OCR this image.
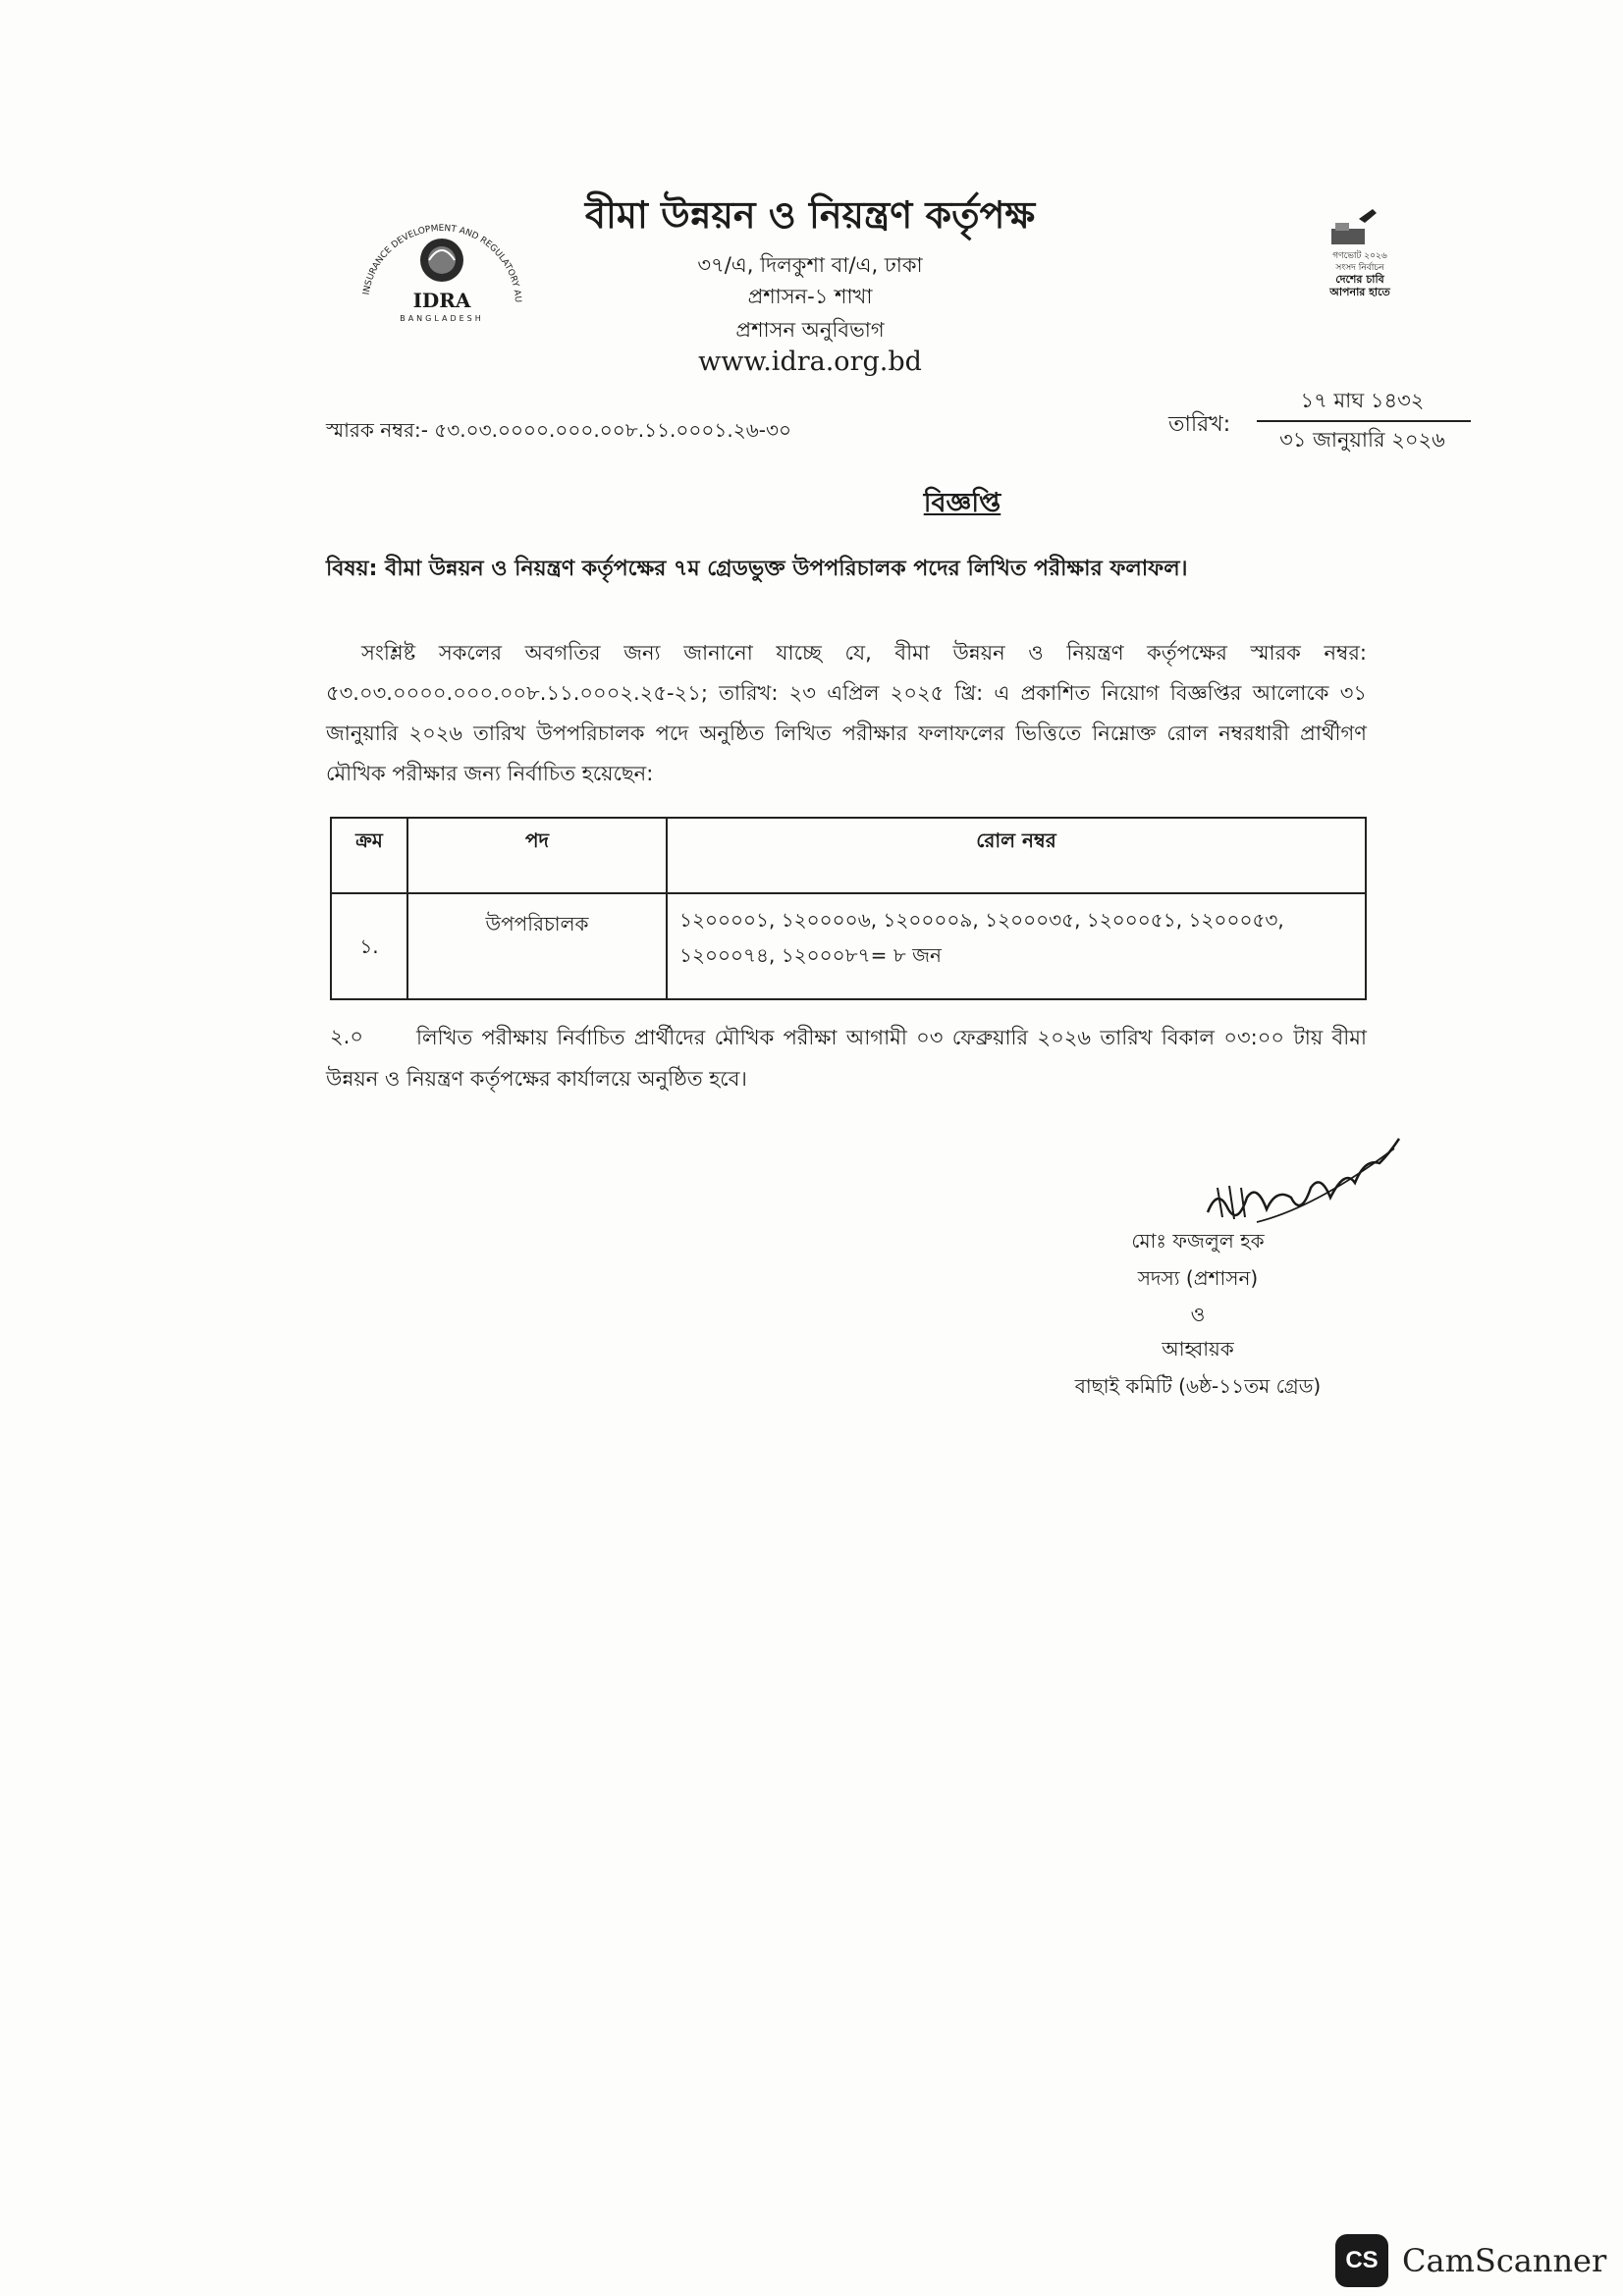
INSURANCE DEVELOPMENT AND REGULATORY AU
IDRA
BANGLADESH
গণভোট ২০২৬
সংসদ নির্বাচন
দেশের চাবি
আপনার হাতে
বীমা উন্নয়ন ও নিয়ন্ত্রণ কর্তৃপক্ষ
৩৭/এ, দিলকুশা বা/এ, ঢাকা
প্রশাসন-১ শাখা
প্রশাসন অনুবিভাগ
www.idra.org.bd
স্মারক নম্বর:- ৫৩.০৩.০০০০.০০০.০০৮.১১.০০০১.২৬-৩০	তারিখ:
১৭ মাঘ ১৪৩২
৩১ জানুয়ারি ২০২৬
বিজ্ঞপ্তি
বিষয়: বীমা উন্নয়ন ও নিয়ন্ত্রণ কর্তৃপক্ষের ৭ম গ্রেডভুক্ত উপপরিচালক পদের লিখিত পরীক্ষার ফলাফল।
সংশ্লিষ্ট সকলের অবগতির জন্য জানানো যাচ্ছে যে, বীমা উন্নয়ন ও নিয়ন্ত্রণ কর্তৃপক্ষের স্মারক নম্বর: ৫৩.০৩.০০০০.০০০.০০৮.১১.০০০২.২৫-২১; তারিখ: ২৩ এপ্রিল ২০২৫ খ্রি: এ প্রকাশিত নিয়োগ বিজ্ঞপ্তির আলোকে ৩১ জানুয়ারি ২০২৬ তারিখ উপপরিচালক পদে অনুষ্ঠিত লিখিত পরীক্ষার ফলাফলের ভিত্তিতে নিম্নোক্ত রোল নম্বরধারী প্রার্থীগণ মৌখিক পরীক্ষার জন্য নির্বাচিত হয়েছেন:
ক্রম	পদ	রোল নম্বর
১.	উপপরিচালক	১২০০০০১, ১২০০০০৬, ১২০০০০৯, ১২০০০৩৫, ১২০০০৫১, ১২০০০৫৩, ১২০০০৭৪, ১২০০০৮৭= ৮ জন
২.০	লিখিত পরীক্ষায় নির্বাচিত প্রার্থীদের মৌখিক পরীক্ষা আগামী ০৩ ফেব্রুয়ারি ২০২৬ তারিখ বিকাল ০৩:০০ টায় বীমা উন্নয়ন ও নিয়ন্ত্রণ কর্তৃপক্ষের কার্যালয়ে অনুষ্ঠিত হবে।
মোঃ ফজলুল হক
সদস্য (প্রশাসন)
ও
আহ্বায়ক
বাছাই কমিটি (৬ষ্ঠ-১১তম গ্রেড)
CS CamScanner
